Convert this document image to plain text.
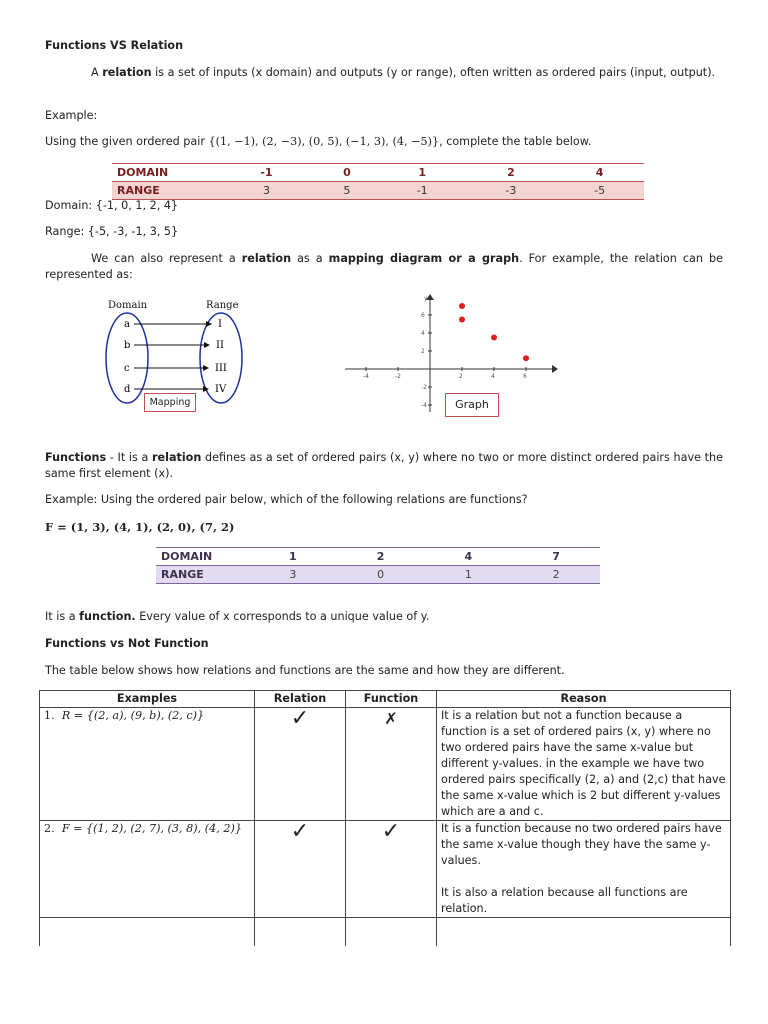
Functions VS Relation

A relation is a set of inputs (x domain) and outputs (y or range), often written as ordered pairs (input, output).

Example:

Using the given ordered pair {(1, −1), (2, −3), (0, 5), (−1, 3), (4, −5)}, complete the table below.

DOMAIN	-1	0	1	2	4
RANGE	3	5	-1	-3	-5
Domain: {-1, 0, 1, 2, 4}
Range: {-5, -3, -1, 3, 5}

We can also represent a relation as a mapping diagram or a graph. For example, the relation can be represented as:

Domain	Range
a
b
c
d
I
II
III
IV
Mapping
y
-4	-2	2	4	6
6
4
2
-2
-4	Graph

Functions - It is a relation defines as a set of ordered pairs (x, y) where no two or more distinct ordered pairs have the same first element (x).

Example: Using the ordered pair below, which of the following relations are functions?
F = (1, 3), (4, 1), (2, 0), (7, 2)
DOMAIN	1	2	4	7
RANGE	3	0	1	2

It is a function. Every value of x corresponds to a unique value of y.

Functions vs Not Function
The table below shows how relations and functions are the same and how they are different.
Examples	Relation	Function	Reason
1. R = {(2, a), (9, b), (2, c)}	✓	✗	It is a relation but not a function because a function is a set of ordered pairs (x, y) where no two ordered pairs have the same x-value but different y-values. in the example we have two ordered pairs specifically (2, a) and (2,c) that have the same x-value which is 2 but different y-values which are a and c.
2. F = {(1, 2), (2, 7), (3, 8), (4, 2)}	✓	✓	It is a function because no two ordered pairs have the same x-value though they have the same y-values.
It is also a relation because all functions are relation.
